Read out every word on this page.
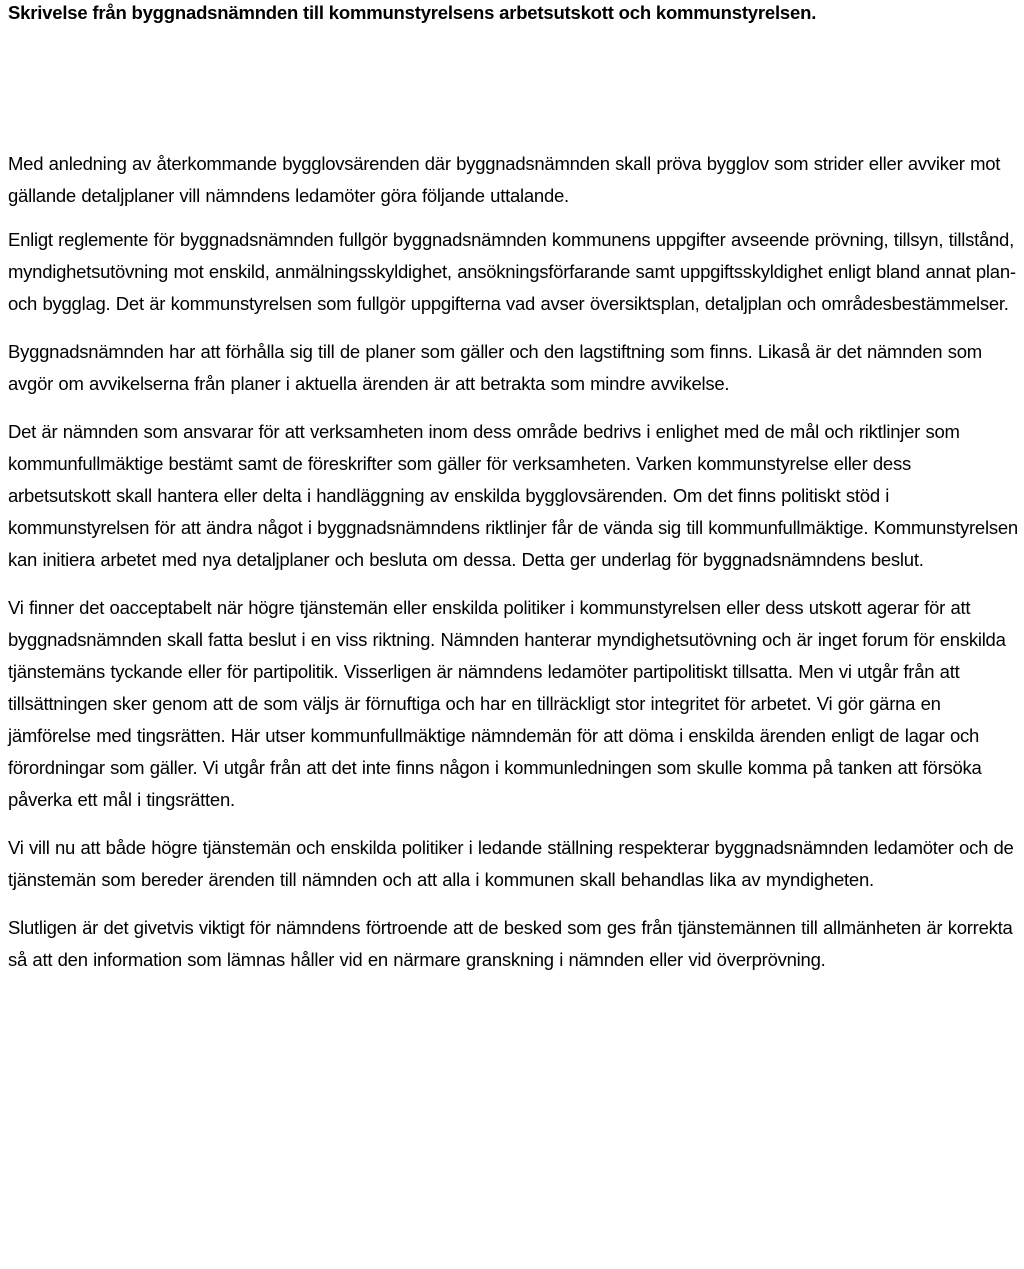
Skrivelse från byggnadsnämnden till kommunstyrelsens arbetsutskott och kommunstyrelsen.

Med anledning av återkommande bygglovsärenden där byggnadsnämnden skall pröva bygglov som strider eller avviker mot gällande detaljplaner vill nämndens ledamöter göra följande uttalande.

Enligt reglemente för byggnadsnämnden fullgör byggnadsnämnden kommunens uppgifter avseende prövning, tillsyn, tillstånd, myndighetsutövning mot enskild, anmälningsskyldighet, ansökningsförfarande samt uppgiftsskyldighet enligt bland annat plan- och bygglag. Det är kommunstyrelsen som fullgör uppgifterna vad avser översiktsplan, detaljplan och områdesbestämmelser.

Byggnadsnämnden har att förhålla sig till de planer som gäller och den lagstiftning som finns. Likaså är det nämnden som avgör om avvikelserna från planer i aktuella ärenden är att betrakta som mindre avvikelse.

Det är nämnden som ansvarar för att verksamheten inom dess område bedrivs i enlighet med de mål och riktlinjer som kommunfullmäktige bestämt samt de föreskrifter som gäller för verksamheten. Varken kommunstyrelse eller dess arbetsutskott skall hantera eller delta i handläggning av enskilda bygglovsärenden. Om det finns politiskt stöd i kommunstyrelsen för att ändra något i byggnadsnämndens riktlinjer får de vända sig till kommunfullmäktige. Kommunstyrelsen kan initiera arbetet med nya detaljplaner och besluta om dessa. Detta ger underlag för byggnadsnämndens beslut.

Vi finner det oacceptabelt när högre tjänstemän eller enskilda politiker i kommunstyrelsen eller dess utskott agerar för att byggnadsnämnden skall fatta beslut i en viss riktning. Nämnden hanterar myndighetsutövning och är inget forum för enskilda tjänstemäns tyckande eller för partipolitik. Visserligen är nämndens ledamöter partipolitiskt tillsatta. Men vi utgår från att tillsättningen sker genom att de som väljs är förnuftiga och har en tillräckligt stor integritet för arbetet. Vi gör gärna en jämförelse med tingsrätten. Här utser kommunfullmäktige nämndemän för att döma i enskilda ärenden enligt de lagar och förordningar som gäller. Vi utgår från att det inte finns någon i kommunledningen som skulle komma på tanken att försöka påverka ett mål i tingsrätten.

Vi vill nu att både högre tjänstemän och enskilda politiker i ledande ställning respekterar byggnadsnämnden ledamöter och de tjänstemän som bereder ärenden till nämnden och att alla i kommunen skall behandlas lika av myndigheten.

Slutligen är det givetvis viktigt för nämndens förtroende att de besked som ges från tjänstemännen till allmänheten är korrekta så att den information som lämnas håller vid en närmare granskning i nämnden eller vid överprövning.
